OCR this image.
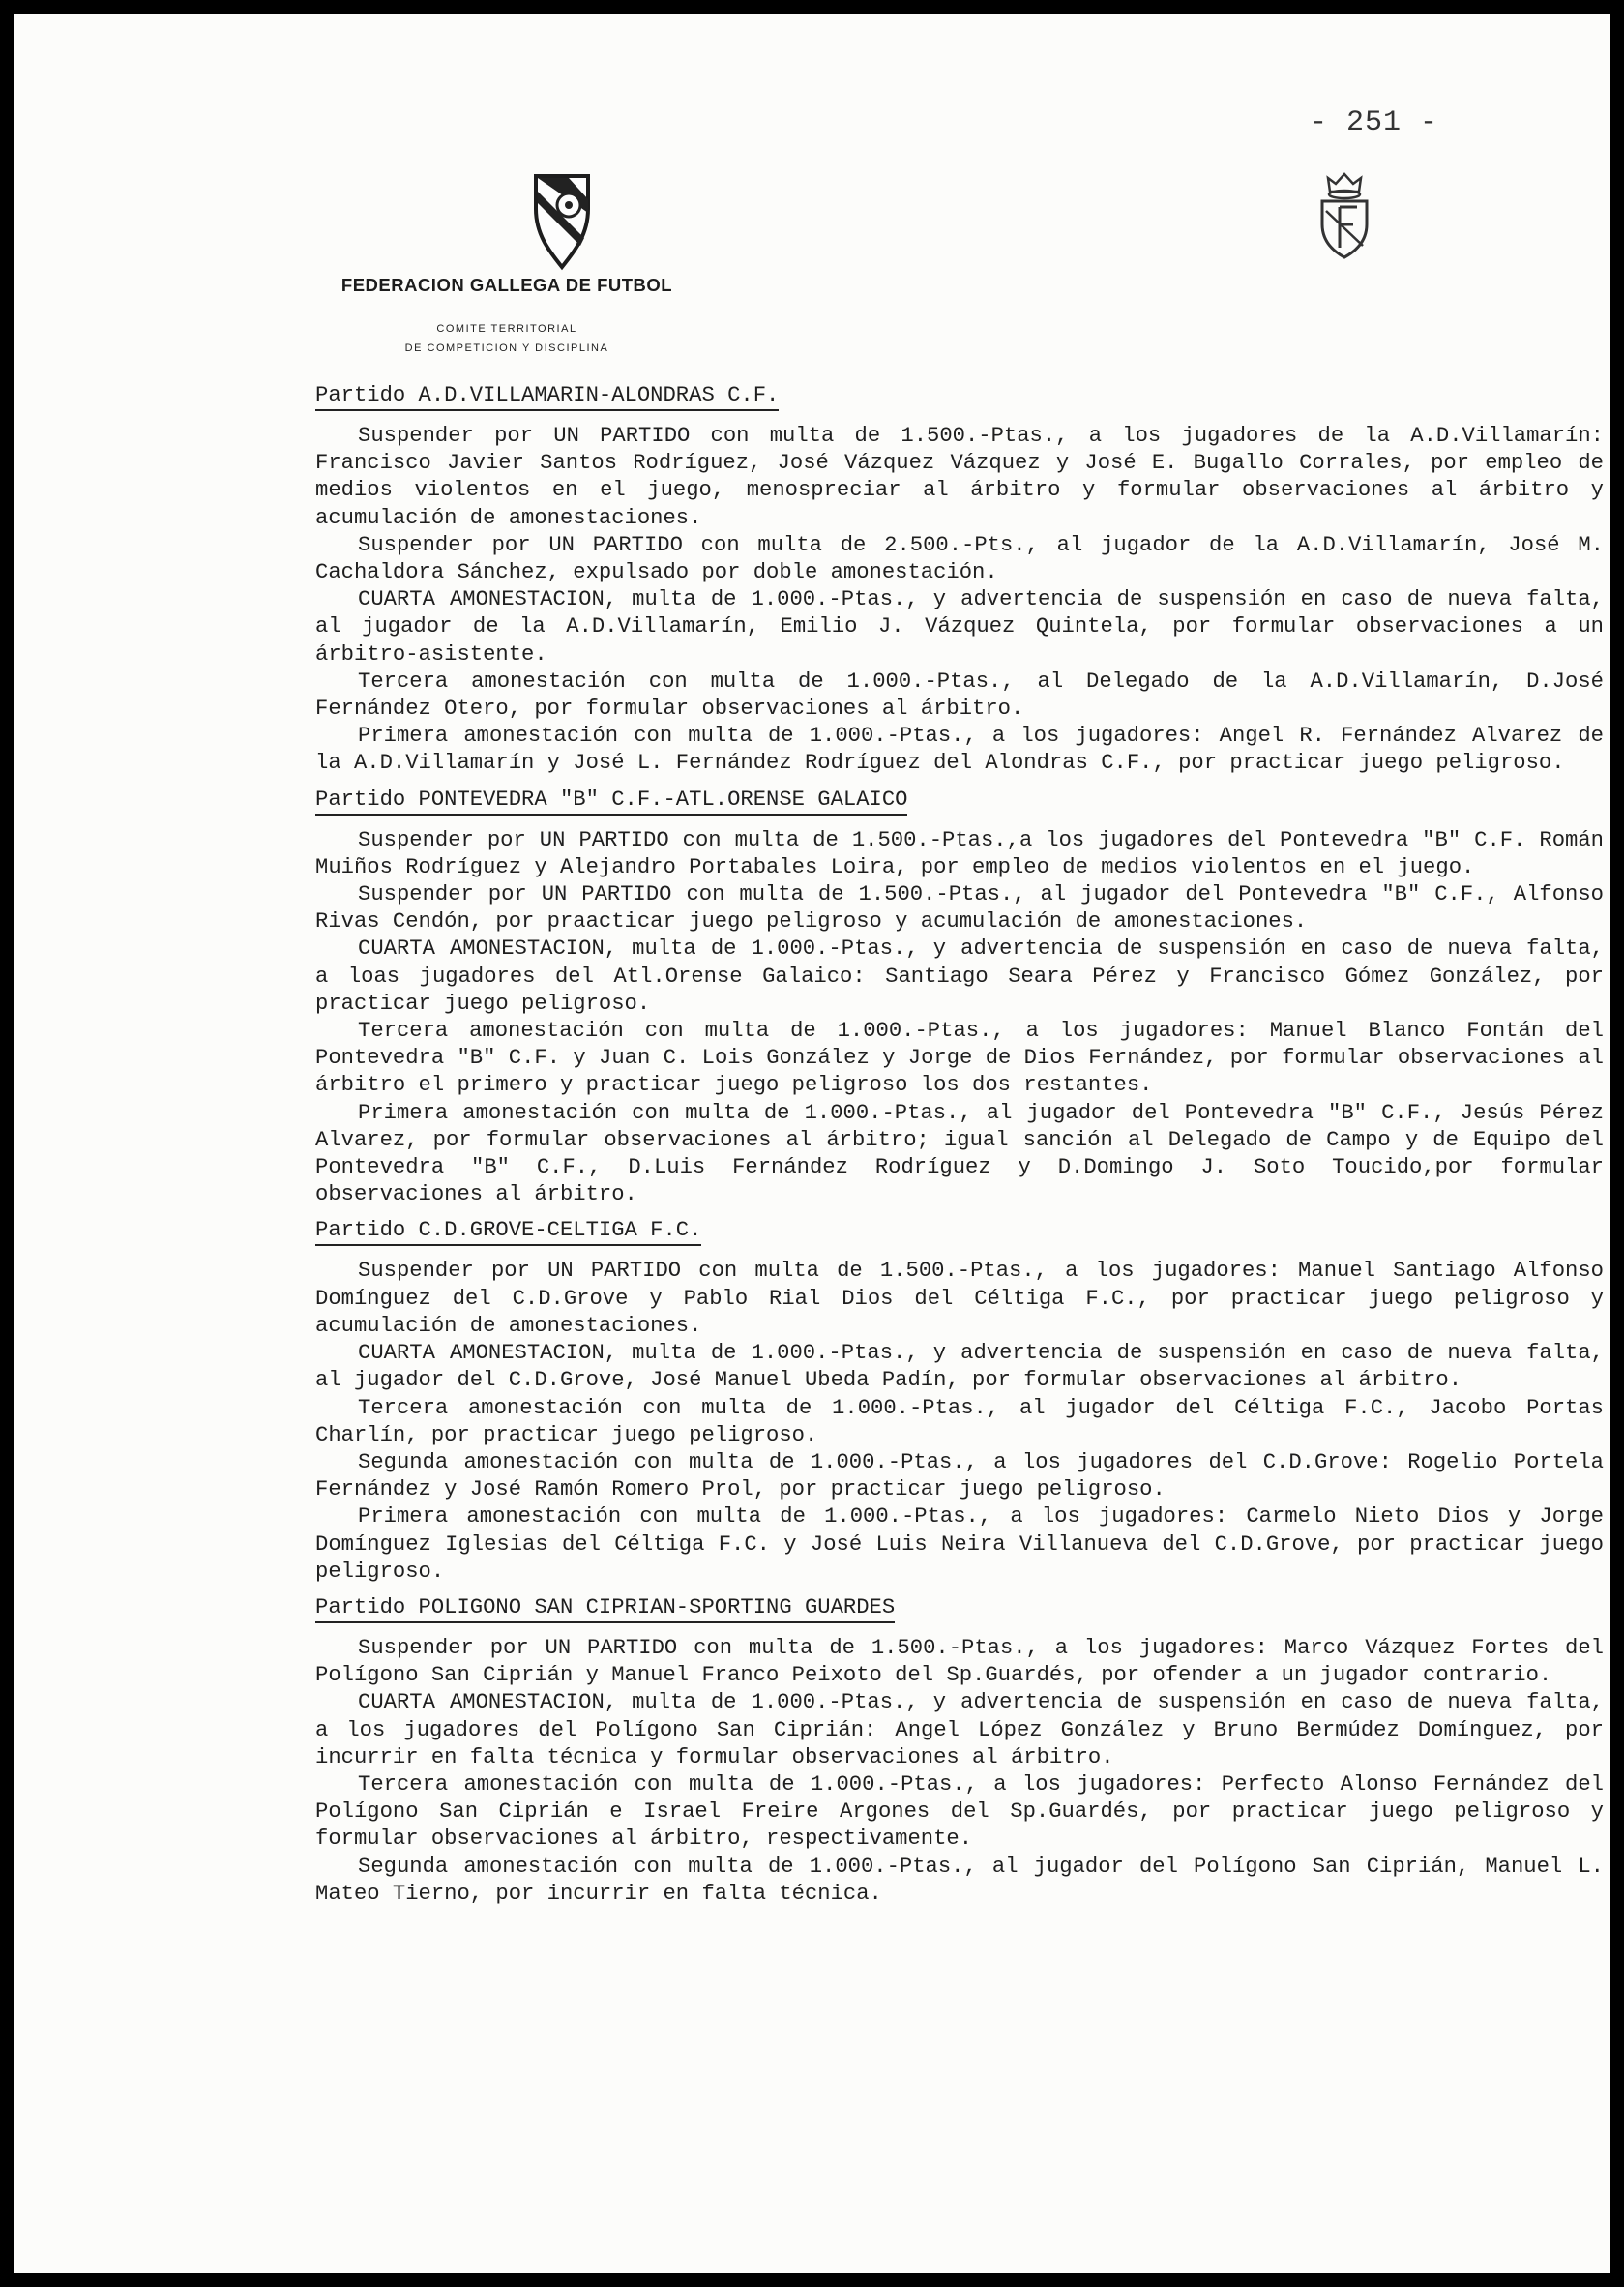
- 251 -
FEDERACION GALLEGA DE FUTBOL
COMITE TERRITORIAL
DE COMPETICION Y DISCIPLINA
Partido A.D.VILLAMARIN-ALONDRAS C.F.

Suspender por UN PARTIDO con multa de 1.500.-Ptas., a los jugadores de la A.D.Villamarín: Francisco Javier Santos Rodríguez, José Vázquez Vázquez y José E. Bugallo Corrales, por empleo de medios violentos en el juego, menospreciar al árbitro y formular observaciones al árbitro y acumulación de amonestaciones.

Suspender por UN PARTIDO con multa de 2.500.-Pts., al jugador de la A.D.Villamarín, José M. Cachaldora Sánchez, expulsado por doble amonestación.

CUARTA AMONESTACION, multa de 1.000.-Ptas., y advertencia de suspensión en caso de nueva falta, al jugador de la A.D.Villamarín, Emilio J. Vázquez Quintela, por formular observaciones a un árbitro-asistente.

Tercera amonestación con multa de 1.000.-Ptas., al Delegado de la A.D.Villamarín, D.José Fernández Otero, por formular observaciones al árbitro.

Primera amonestación con multa de 1.000.-Ptas., a los jugadores: Angel R. Fernández Alvarez de la A.D.Villamarín y José L. Fernández Rodríguez del Alondras C.F., por practicar juego peligroso.

Partido PONTEVEDRA "B" C.F.-ATL.ORENSE GALAICO

Suspender por UN PARTIDO con multa de 1.500.-Ptas.,a los jugadores del Pontevedra "B" C.F. Román Muiños Rodríguez y Alejandro Portabales Loira, por empleo de medios violentos en el juego.

Suspender por UN PARTIDO con multa de 1.500.-Ptas., al jugador del Pontevedra "B" C.F., Alfonso Rivas Cendón, por praacticar juego peligroso y acumulación de amonestaciones.

CUARTA AMONESTACION, multa de 1.000.-Ptas., y advertencia de suspensión en caso de nueva falta, a loas jugadores del Atl.Orense Galaico: Santiago Seara Pérez y Francisco Gómez González, por practicar juego peligroso.

Tercera amonestación con multa de 1.000.-Ptas., a los jugadores: Manuel Blanco Fontán del Pontevedra "B" C.F. y Juan C. Lois González y Jorge de Dios Fernández, por formular observaciones al árbitro el primero y practicar juego peligroso los dos restantes.

Primera amonestación con multa de 1.000.-Ptas., al jugador del Pontevedra "B" C.F., Jesús Pérez Alvarez, por formular observaciones al árbitro; igual sanción al Delegado de Campo y de Equipo del Pontevedra "B" C.F., D.Luis Fernández Rodríguez y D.Domingo J. Soto Toucido,por formular observaciones al árbitro.

Partido C.D.GROVE-CELTIGA F.C.

Suspender por UN PARTIDO con multa de 1.500.-Ptas., a los jugadores: Manuel Santiago Alfonso Domínguez del C.D.Grove y Pablo Rial Dios del Céltiga F.C., por practicar juego peligroso y acumulación de amonestaciones.

CUARTA AMONESTACION, multa de 1.000.-Ptas., y advertencia de suspensión en caso de nueva falta, al jugador del C.D.Grove, José Manuel Ubeda Padín, por formular observaciones al árbitro.

Tercera amonestación con multa de 1.000.-Ptas., al jugador del Céltiga F.C., Jacobo Portas Charlín, por practicar juego peligroso.

Segunda amonestación con multa de 1.000.-Ptas., a los jugadores del C.D.Grove: Rogelio Portela Fernández y José Ramón Romero Prol, por practicar juego peligroso.

Primera amonestación con multa de 1.000.-Ptas., a los jugadores: Carmelo Nieto Dios y Jorge Domínguez Iglesias del Céltiga F.C. y José Luis Neira Villanueva del C.D.Grove, por practicar juego peligroso.

Partido POLIGONO SAN CIPRIAN-SPORTING GUARDES

Suspender por UN PARTIDO con multa de 1.500.-Ptas., a los jugadores: Marco Vázquez Fortes del Polígono San Ciprián y Manuel Franco Peixoto del Sp.Guardés, por ofender a un jugador contrario.

CUARTA AMONESTACION, multa de 1.000.-Ptas., y advertencia de suspensión en caso de nueva falta, a los jugadores del Polígono San Ciprián: Angel López González y Bruno Bermúdez Domínguez, por incurrir en falta técnica y formular observaciones al árbitro.

Tercera amonestación con multa de 1.000.-Ptas., a los jugadores: Perfecto Alonso Fernández del Polígono San Ciprián e Israel Freire Argones del Sp.Guardés, por practicar juego peligroso y formular observaciones al árbitro, respectivamente.

Segunda amonestación con multa de 1.000.-Ptas., al jugador del Polígono San Ciprián, Manuel L. Mateo Tierno, por incurrir en falta técnica.
